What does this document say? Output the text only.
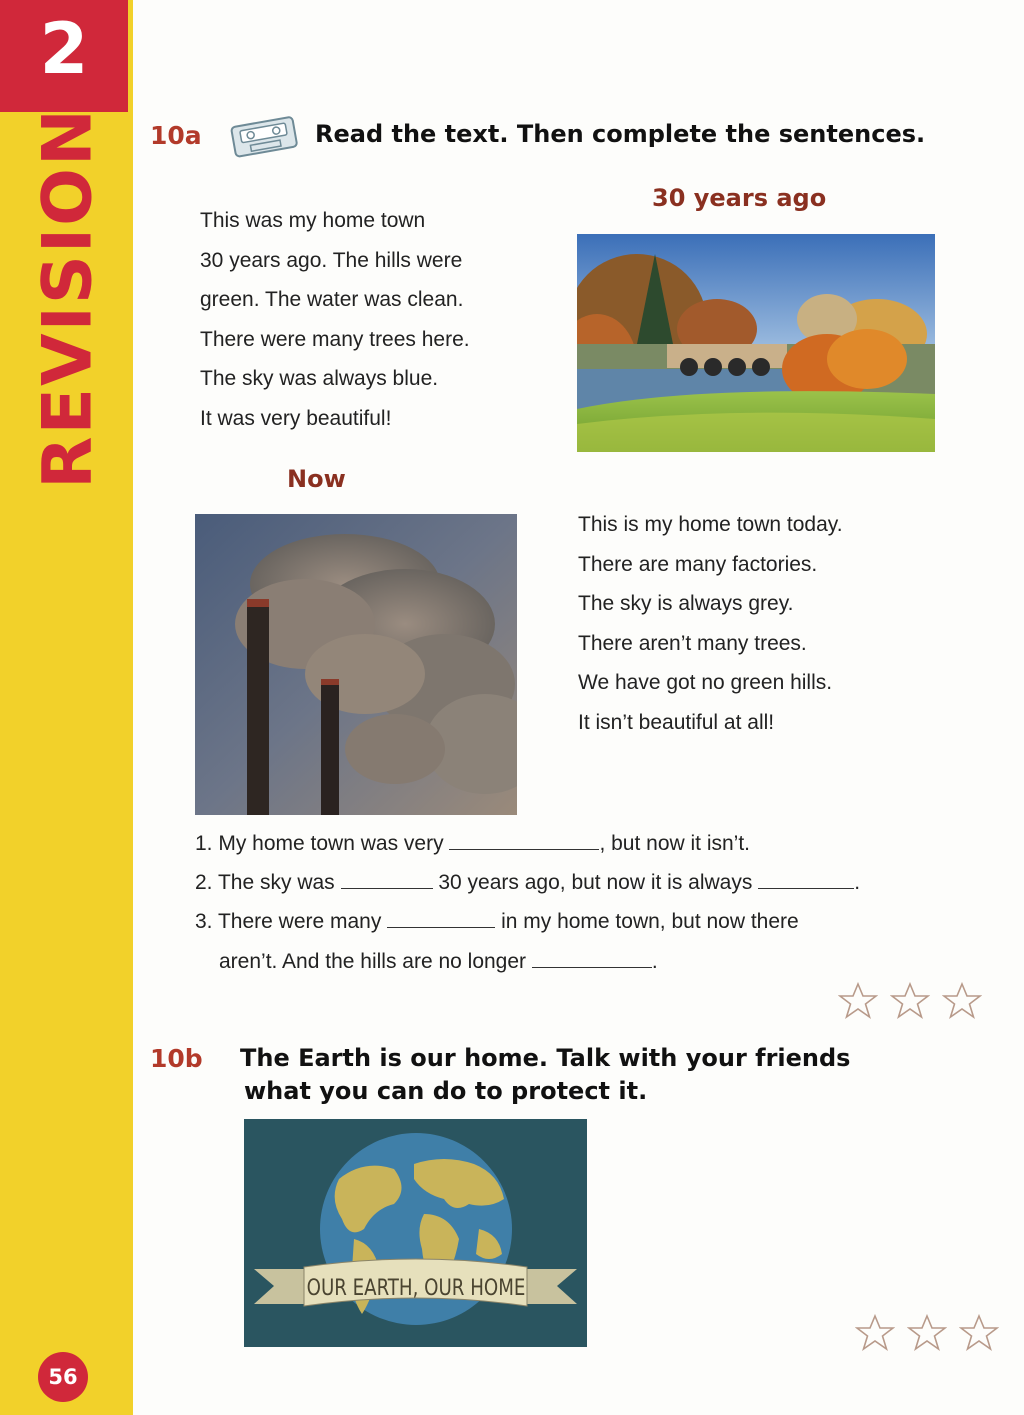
2
REVISION
56
10a	Read the text. Then complete the sentences.
30 years ago
This was my home town
30 years ago. The hills were
green. The water was clean.
There were many trees here.
The sky was always blue.
It was very beautiful!
Now
This is my home town today.
There are many factories.
The sky is always grey.
There aren’t many trees.
We have got no green hills.
It isn’t beautiful at all!
1. My home town was very	, but now it isn’t.
2. The sky was	30 years ago, but now it is always	.
3. There were many	in my home town, but now there
aren’t. And the hills are no longer	.
10b The Earth is our home. Talk with your friends
what you can do to protect it.
OUR EARTH, OUR HOME
